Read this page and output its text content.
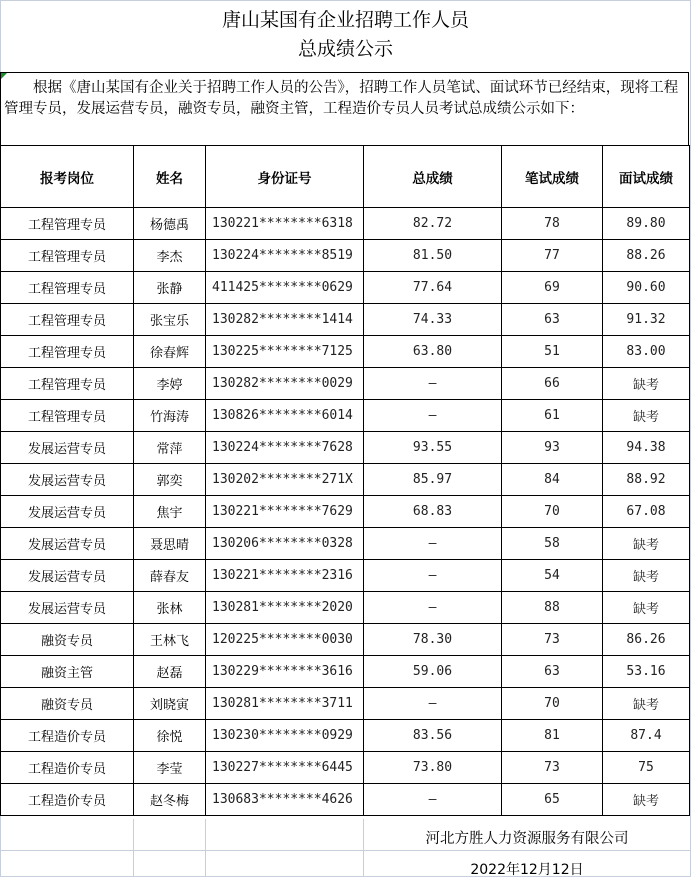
唐山某国有企业招聘工作人员
总成绩公示
根据《唐山某国有企业关于招聘工作人员的公告》，招聘工作人员笔试、面试环节已经结束，现将工程管理专员，发展运营专员，融资专员，融资主管，工程造价专员人员考试总成绩公示如下：
报考岗位	姓名	身份证号	总成绩	笔试成绩	面试成绩
工程管理专员	杨德禹	130221********6318	82.72	78	89.80
工程管理专员	李杰	130224********8519	81.50	77	88.26
工程管理专员	张静	411425********0629	77.64	69	90.60
工程管理专员	张宝乐	130282********1414	74.33	63	91.32
工程管理专员	徐春辉	130225********7125	63.80	51	83.00
工程管理专员	李婷	130282********0029	—	66	缺考
工程管理专员	竹海涛	130826********6014	—	61	缺考
发展运营专员	常萍	130224********7628	93.55	93	94.38
发展运营专员	郭奕	130202********271X	85.97	84	88.92
发展运营专员	焦宇	130221********7629	68.83	70	67.08
发展运营专员	聂思晴	130206********0328	—	58	缺考
发展运营专员	薛春友	130221********2316	—	54	缺考
发展运营专员	张林	130281********2020	—	88	缺考
融资专员	王林飞	120225********0030	78.30	73	86.26
融资主管	赵磊	130229********3616	59.06	63	53.16
融资专员	刘晓寅	130281********3711	—	70	缺考
工程造价专员	徐悦	130230********0929	83.56	81	87.4
工程造价专员	李莹	130227********6445	73.80	73	75
工程造价专员	赵冬梅	130683********4626	—	65	缺考
河北方胜人力资源服务有限公司
2022年12月12日
